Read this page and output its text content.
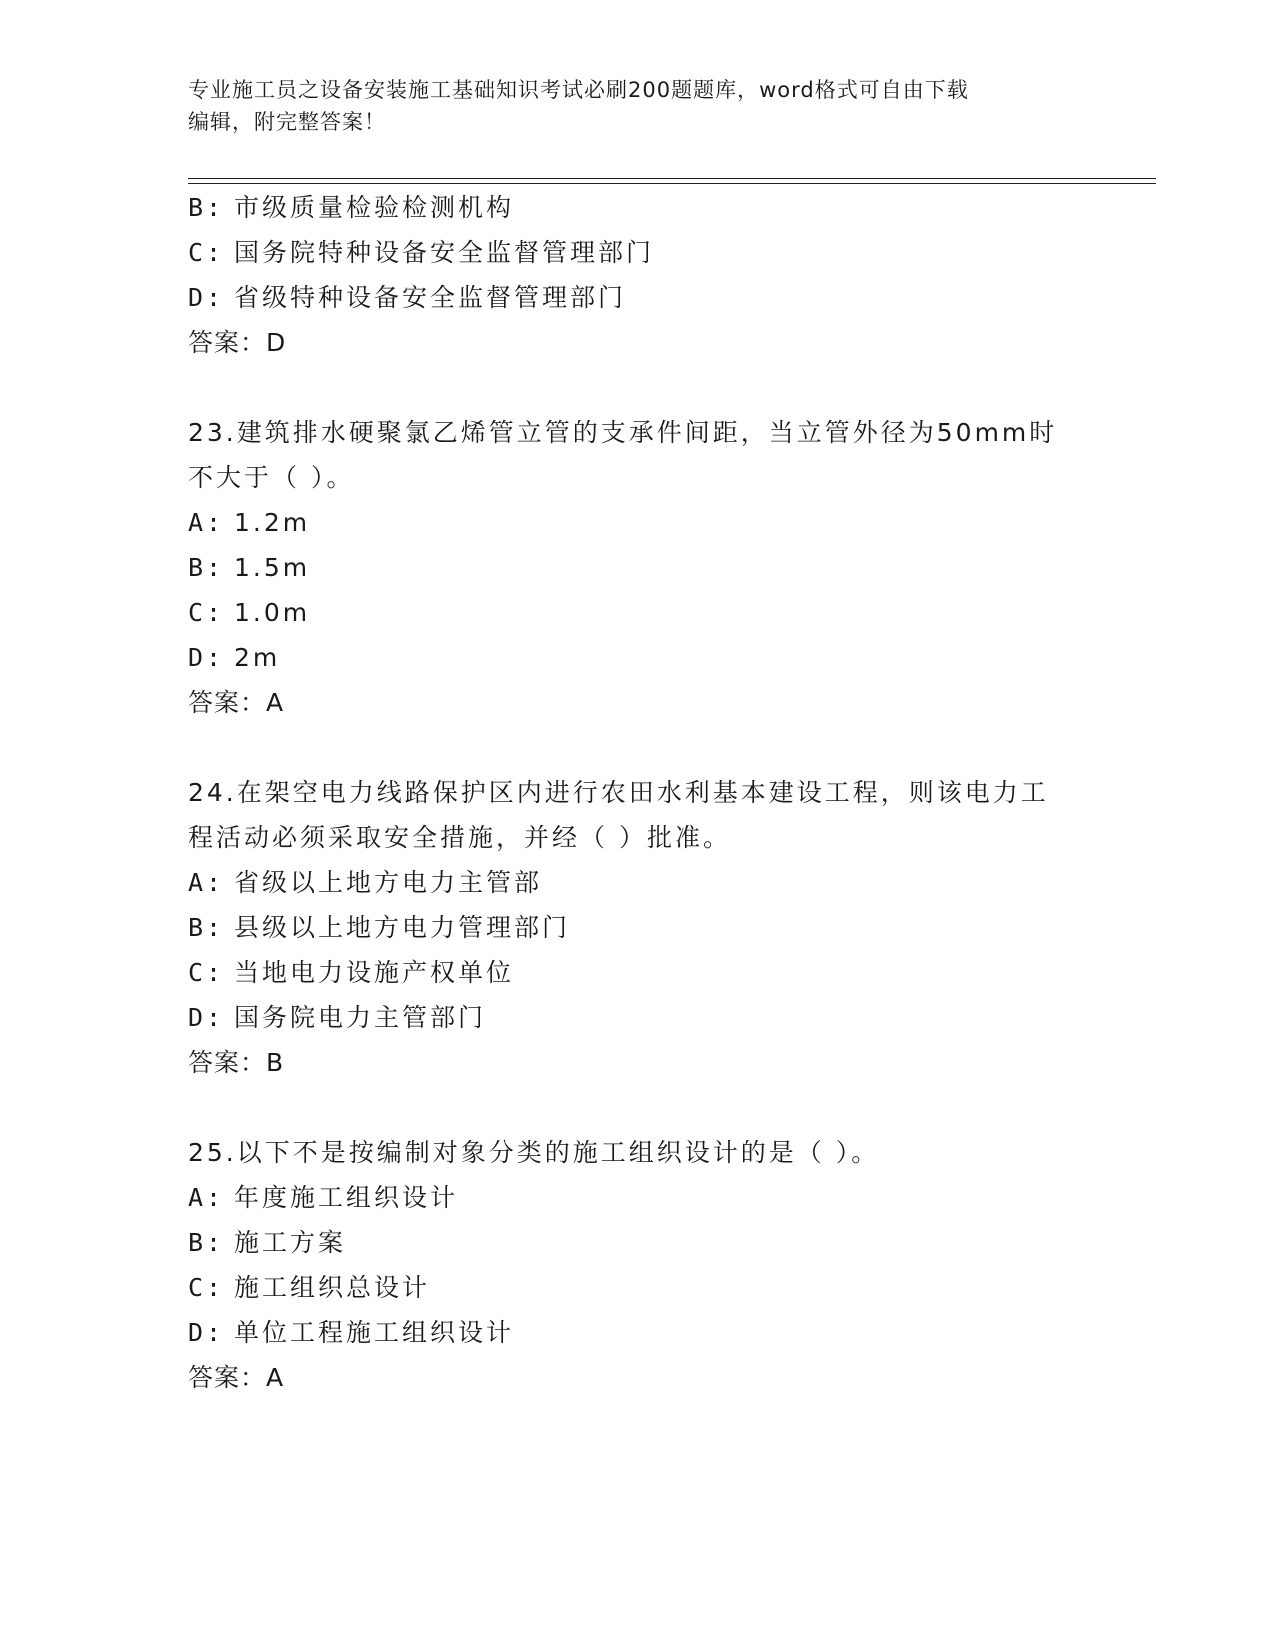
专业施工员之设备安装施工基础知识考试必刷200题题库，word格式可自由下载
编辑，附完整答案！
B: 市级质量检验检测机构
C: 国务院特种设备安全监督管理部门
D: 省级特种设备安全监督管理部门
答案：D
23.建筑排水硬聚氯乙烯管立管的支承件间距，当立管外径为50mm时
不大于（ ）。
A: 1.2m
B: 1.5m
C: 1.0m
D: 2m
答案：A
24.在架空电力线路保护区内进行农田水利基本建设工程，则该电力工
程活动必须采取安全措施，并经（ ）批准。
A: 省级以上地方电力主管部
B: 县级以上地方电力管理部门
C: 当地电力设施产权单位
D: 国务院电力主管部门
答案：B
25.以下不是按编制对象分类的施工组织设计的是（ ）。
A: 年度施工组织设计
B: 施工方案
C: 施工组织总设计
D: 单位工程施工组织设计
答案：A
